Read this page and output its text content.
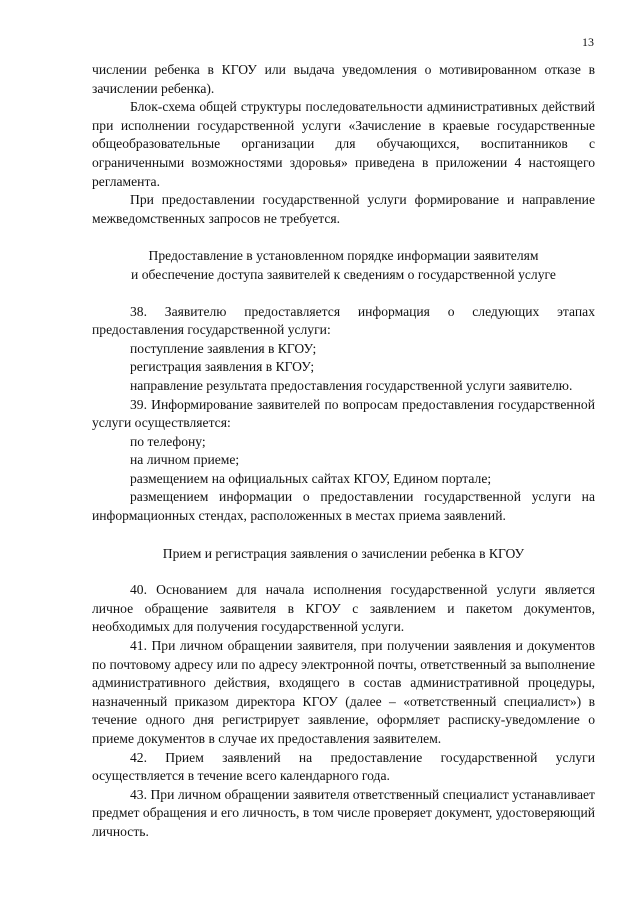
13

числении ребенка в КГОУ или выдача уведомления о мотивированном отказе в зачислении ребенка).

Блок-схема общей структуры последовательности административных действий при исполнении государственной услуги «Зачисление в краевые государственные общеобразовательные организации для обучающихся, воспитанников с ограниченными возможностями здоровья» приведена в приложении 4 настоящего регламента.

При предоставлении государственной услуги формирование и направление межведомственных запросов не требуется.

Предоставление в установленном порядке информации заявителям
и обеспечение доступа заявителей к сведениям о государственной услуге

38. Заявителю предоставляется информация о следующих этапах предоставления государственной услуги:

поступление заявления в КГОУ;

регистрация заявления в КГОУ;

направление результата предоставления государственной услуги заявителю.

39. Информирование заявителей по вопросам предоставления государственной услуги осуществляется:

по телефону;

на личном приеме;

размещением на официальных сайтах КГОУ, Едином портале;

размещением информации о предоставлении государственной услуги на информационных стендах, расположенных в местах приема заявлений.

Прием и регистрация заявления о зачислении ребенка в КГОУ

40. Основанием для начала исполнения государственной услуги является личное обращение заявителя в КГОУ с заявлением и пакетом документов, необходимых для получения государственной услуги.

41. При личном обращении заявителя, при получении заявления и документов по почтовому адресу или по адресу электронной почты, ответственный за выполнение административного действия, входящего в состав административной процедуры, назначенный приказом директора КГОУ (далее – «ответственный специалист») в течение одного дня регистрирует заявление, оформляет расписку-уведомление о приеме документов в случае их предоставления заявителем.

42. Прием заявлений на предоставление государственной услуги осуществляется в течение всего календарного года.

43. При личном обращении заявителя ответственный специалист устанавливает предмет обращения и его личность, в том числе проверяет документ, удостоверяющий личность.
